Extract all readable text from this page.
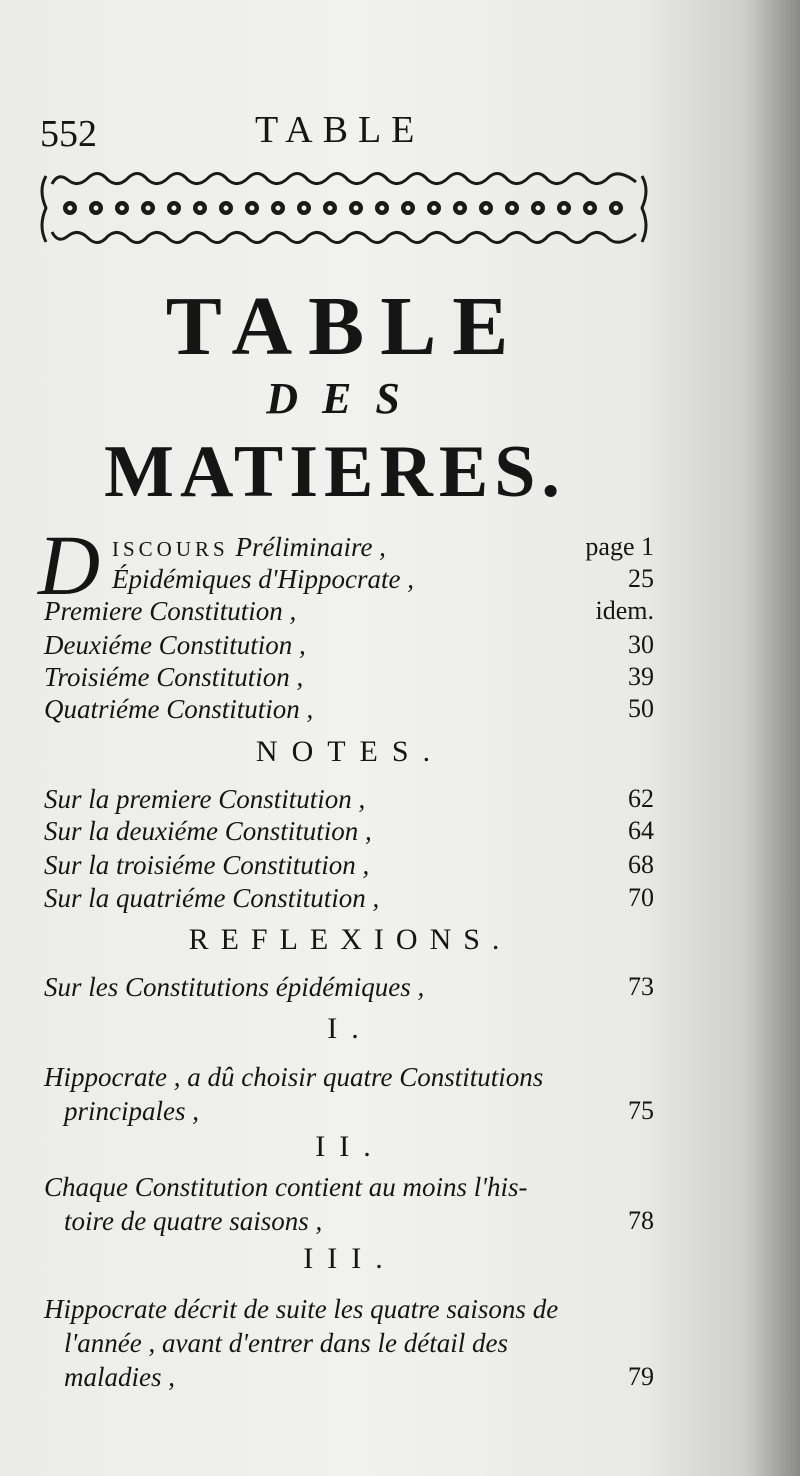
552	TABLE
TABLE
DES
MATIERES.
D ISCOURS Préliminaire ,	page 1
Épidémiques d'Hippocrate ,	25
Premiere Constitution ,	idem.
Deuxiéme Constitution ,	30
Troisiéme Constitution ,	39
Quatriéme Constitution ,	50
NOTES.
Sur la premiere Constitution ,	62
Sur la deuxiéme Constitution ,	64
Sur la troisiéme Constitution ,	68
Sur la quatriéme Constitution ,	70
REFLEXIONS.
Sur les Constitutions épidémiques ,	73
I.
Hippocrate , a dû choisir quatre Constitutions
principales ,	75
II.
Chaque Constitution contient au moins l'his-
toire de quatre saisons ,	78
III.
Hippocrate décrit de suite les quatre saisons de
l'année , avant d'entrer dans le détail des
maladies ,	79
